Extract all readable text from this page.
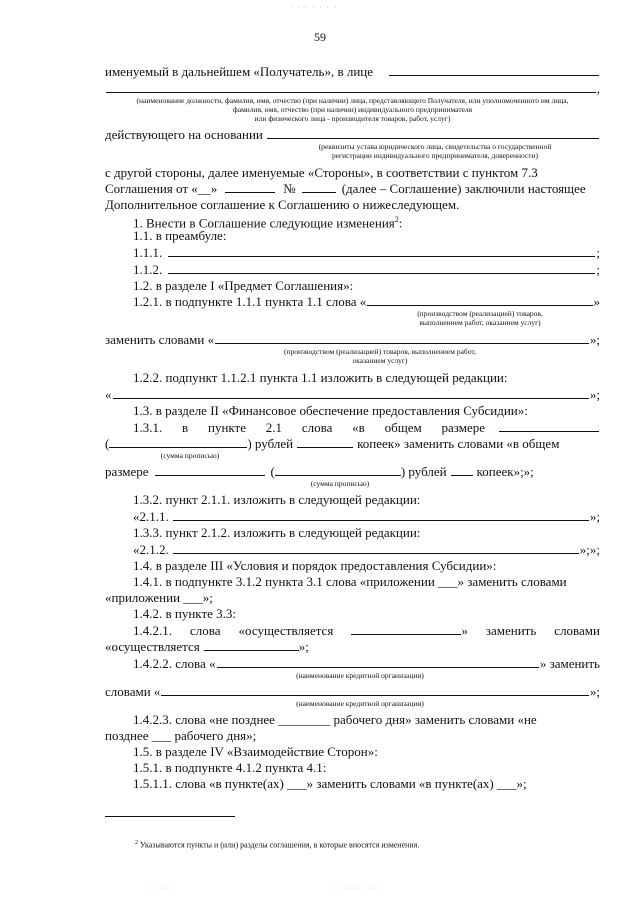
· · · · · · ·
59
именуемый в дальнейшем «Получатель», в лице
,
(наименование должности, фамилия, имя, отчество (при наличии) лица, представляющего Получателя, или уполномоченного им лица,
фамилия, имя, отчество (при наличии) индивидуального предпринимателя
или физического лица - производителя товаров, работ, услуг)
действующего на основании
(реквизиты устава юридического лица, свидетельства о государственной
регистрации индивидуального предпринимателя, доверенности)
с другой стороны, далее именуемые «Стороны», в соответствии с пунктом 7.3
Соглашения от «__»	№	(далее – Соглашение) заключили настоящее
Дополнительное соглашение к Соглашению о нижеследующем.
1. Внести в Соглашение следующие изменения$^2$:
1.1. в преамбуле:
1.1.1.	;
1.1.2.	;
1.2. в разделе I «Предмет Соглашения»:
1.2.1. в подпункте 1.1.1 пункта 1.1 слова «	»
(производством (реализацией) товаров,
выполнением работ, оказанием услуг)
заменить словами «	»;
(производством (реализацией) товаров, выполнением работ,
оказанием услуг)
1.2.2. подпункт 1.1.2.1 пункта 1.1 изложить в следующей редакции:
«	»;
1.3. в разделе II «Финансовое обеспечение предоставления Субсидии»:
1.3.1. в пункте 2.1 слова «в общем размере
(	) рублей	копеек» заменить словами «в общем
(сумма прописью)
размере	(	) рублей копеек»;»;
(сумма прописью)
1.3.2. пункт 2.1.1. изложить в следующей редакции:
«2.1.1.	»;
1.3.3. пункт 2.1.2. изложить в следующей редакции:
«2.1.2.	»;»;
1.4. в разделе III «Условия и порядок предоставления Субсидии»:
1.4.1. в подпункте 3.1.2 пункта 3.1 слова «приложении ___» заменить словами
«приложении ___»;
1.4.2. в пункте 3.3:
1.4.2.1. слова «осуществляется	» заменить словами
«осуществляется	»;
1.4.2.2. слова «	» заменить
(наименование кредитной организации)
словами «	»;
(наименование кредитной организации)
1.4.2.3. слова «не позднее ________ рабочего дня» заменить словами «не
позднее ___ рабочего дня»;
1.5. в разделе IV «Взаимодействие Сторон»:
1.5.1. в подпункте 4.1.2 пункта 4.1:
1.5.1.1. слова «в пункте(ах) ___» заменить словами «в пункте(ах) ___»;
$^2$ Указываются пункты и (или) разделы соглашения, в которые вносятся изменения.
· · · · ·	· · · · · · · · · · ·
